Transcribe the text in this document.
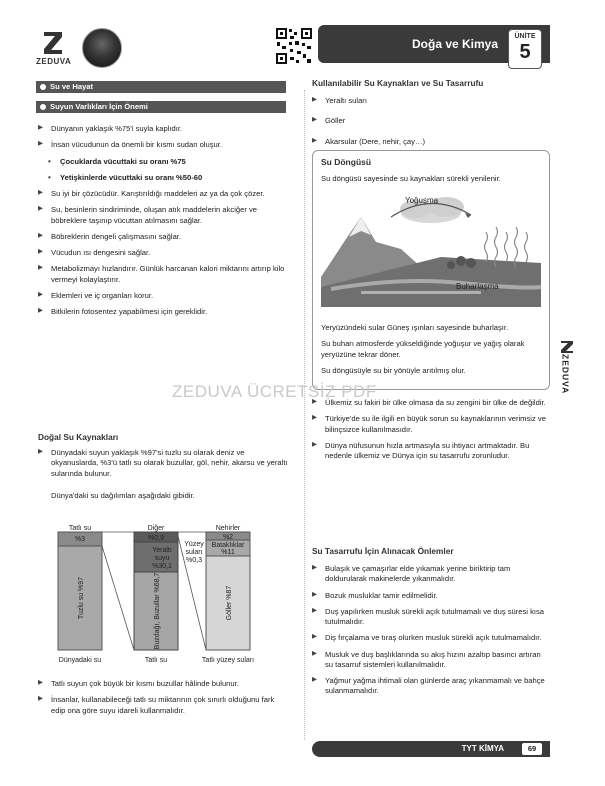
ZEDUVA
Doğa ve Kimya
ÜNİTE
5
Su ve Hayat
Suyun Varlıkları İçin Önemi
▶ Dünyanın yaklaşık %75'i suyla kaplıdır.
▶ İnsan vücudunun da önemli bir kısmı sudan oluşur.
• Çocuklarda vücuttaki su oranı %75
• Yetişkinlerde vücuttaki su oranı %50-60
▶ Su iyi bir çözücüdür. Karıştırıldığı maddeleri az ya da çok çözer.
▶ Su, besinlerin sindiriminde, oluşan atık maddelerin akciğer ve böbreklere taşınıp vücuttan atılmasını sağlar.
▶ Böbreklerin dengeli çalışmasını sağlar.
▶ Vücudun ısı dengesini sağlar.
▶ Metabolizmayı hızlandırır. Günlük harcanan kalori miktarını artırıp kilo vermeyi kolaylaştırır.
▶ Eklemleri ve iç organları korur.
▶ Bitkilerin fotosentez yapabilmesi için gereklidir.
Doğal Su Kaynakları
▶ Dünyadaki suyun yaklaşık %97'si tuzlu su olarak deniz ve okyanuslarda, %3'ü tatlı su olarak buzullar, göl, nehir, akarsu ve yeraltı sularında bulunur.
Dünya'daki su dağılımları aşağıdaki gibidir.
Tatlı su
%3
Tuzlu su %97
Dünyadaki su
Diğer
%0,9
Yeraltı
suyu
%30,1
Buzdağı, Buzullar %68,7
Tatlı su
Yüzey
suları
%0,3
Nehirler
%2
Bataklıklar
%11
Göller %87
Tatlı yüzey suları
▶ Tatlı suyun çok büyük bir kısmı buzullar hâlinde bulunur.
▶ İnsanlar, kullanabileceği tatlı su miktarının çok sınırlı olduğunu fark edip ona göre suyu idareli kullanmalıdır.
Kullanılabilir Su Kaynakları ve Su Tasarrufu
▶ Yeraltı suları
▶ Göller
▶ Akarsular (Dere, nehir, çay…)
Su Döngüsü
Su döngüsü sayesinde su kaynakları sürekli yenilenir.
Yoğuşma
Buharlaşma

Yeryüzündeki sular Güneş ışınları sayesinde buharlaşır.

Su buharı atmosferde yükseldiğinde yoğuşur ve yağış olarak yeryüzüne tekrar döner.

Su döngüsüyle su bir yönüyle arıtılmış olur.

▶ Ülkemiz su fakiri bir ülke olmasa da su zengini bir ülke de değildir.
▶ Türkiye'de su ile ilgili en büyük sorun su kaynaklarının verimsiz ve bilinçsizce kullanılmasıdır.
▶ Dünya nüfusunun hızla artmasıyla su ihtiyacı artmaktadır. Bu nedenle ülkemiz ve Dünya için su tasarrufu zorunludur.
Su Tasarrufu İçin Alınacak Önlemler
▶ Bulaşık ve çamaşırlar elde yıkamak yerine biriktirip tam doldurularak makinelerde yıkanmalıdır.
▶ Bozuk musluklar tamir edilmelidir.
▶ Duş yapılırken musluk sürekli açık tutulmamalı ve duş süresi kısa tutulmalıdır.
▶ Diş fırçalama ve tıraş olurken musluk sürekli açık tutulmamalıdır.
▶ Musluk ve duş başlıklarında su akış hızını azaltıp basıncı artıran su tasarruf sistemleri kullanılmalıdır.
▶ Yağmur yağma ihtimali olan günlerde araç yıkanmamalı ve bahçe sulanmamalıdır.
ZEDUVA
ZEDUVA ÜCRETSİZ PDF
TYT KİMYA	69
